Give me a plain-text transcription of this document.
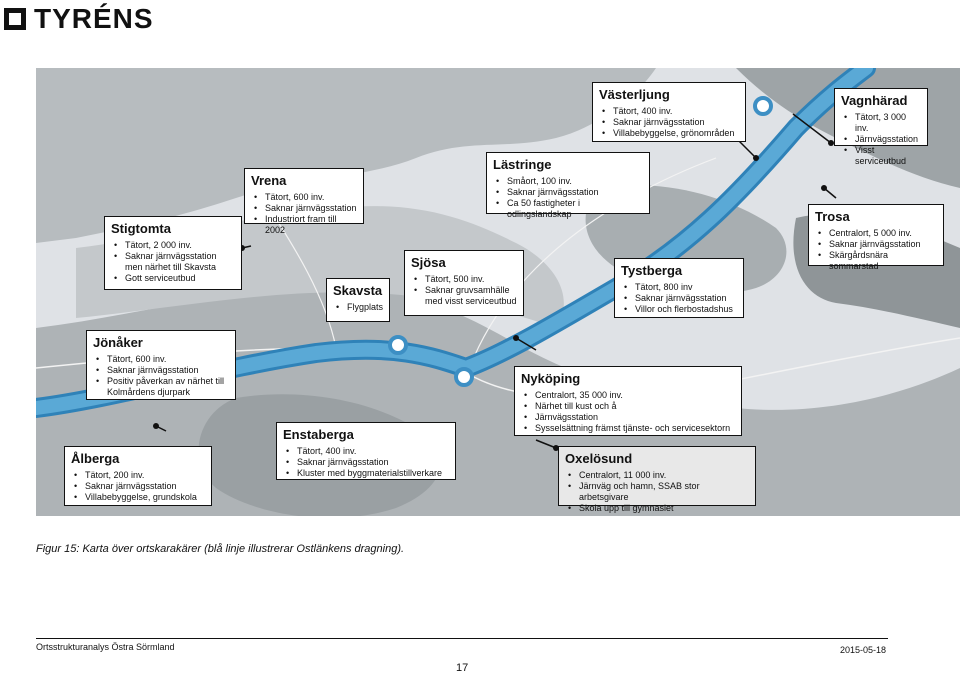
TYRÉNS
Västerljung
• Tätort, 400 inv.
• Saknar järnvägsstation
• Villabebyggelse, grönområden
Vagnhärad
• Tätort, 3 000 inv.
• Järnvägsstation
• Visst serviceutbud
Vrena
• Tätort, 600 inv.
• Saknar järnvägsstation
• Industriort fram till 2002
Lästringe
• Småort, 100 inv.
• Saknar järnvägsstation
• Ca 50 fastigheter i odlingslandskap
Stigtomta
• Tätort, 2 000 inv.
• Saknar järnvägsstation men närhet till Skavsta
• Gott serviceutbud
Trosa
• Centralort, 5 000 inv.
• Saknar järnvägsstation
• Skärgårdsnära sommarstad
Skavsta
• Flygplats
Sjösa
• Tätort, 500 inv.
• Saknar gruvsamhälle med visst serviceutbud
Tystberga
• Tätort, 800 inv
• Saknar järnvägsstation
• Villor och flerbostadshus
Jönåker
• Tätort, 600 inv.
• Saknar järnvägsstation
• Positiv påverkan av närhet till Kolmårdens djurpark
Nyköping
• Centralort, 35 000 inv.
• Närhet till kust och å
• Järnvägsstation
• Sysselsättning främst tjänste- och servicesektorn
Enstaberga
• Tätort, 400 inv.
• Saknar järnvägsstation
• Kluster med byggmaterialstillverkare
Ålberga
• Tätort, 200 inv.
• Saknar järnvägsstation
• Villabebyggelse, grundskola
Oxelösund
• Centralort, 11 000 inv.
• Järnväg och hamn, SSAB stor arbetsgivare
• Skola upp till gymnasiet
Figur 15: Karta över ortskarakärer (blå linje illustrerar Ostlänkens dragning).
Ortsstrukturanalys Östra Sörmland	2015-05-18
17
